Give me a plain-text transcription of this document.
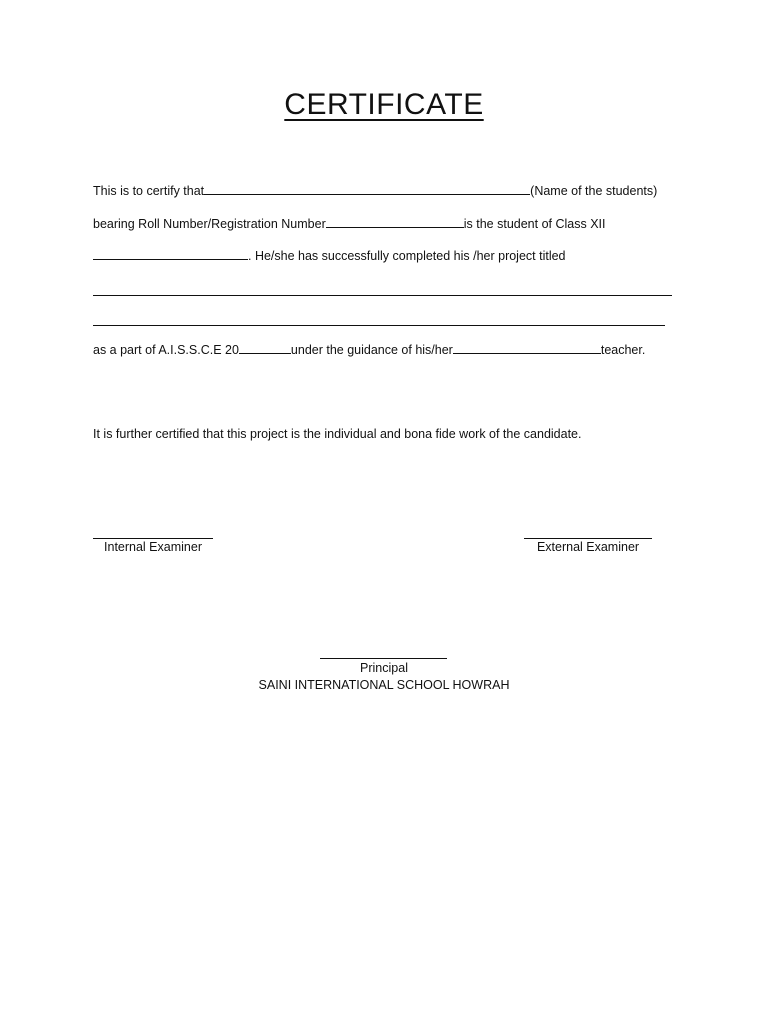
CERTIFICATE
This is to certify that	(Name of the students)
bearing Roll Number/Registration Number	is the student of Class XII
. He/she has successfully completed his /her project titled
as a part of A.I.S.S.C.E 20	under the guidance of his/her	teacher.
It is further certified that this project is the individual and bona fide work of the candidate.
Internal Examiner	External Examiner
Principal
SAINI INTERNATIONAL SCHOOL HOWRAH
